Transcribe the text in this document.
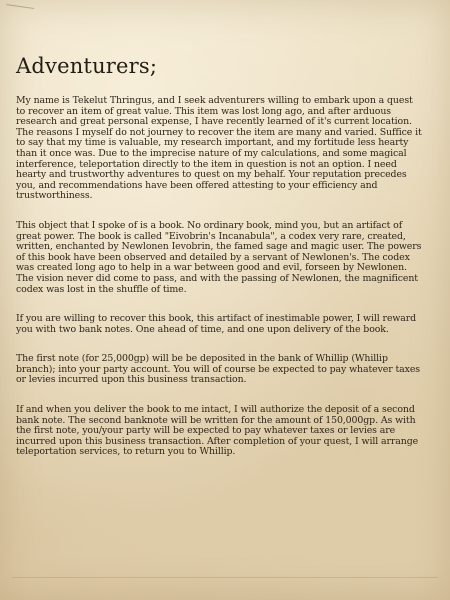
Adventurers;

My name is Tekelut Thringus, and I seek adventurers willing to embark upon a quest to recover an item of great value. This item was lost long ago, and after arduous research and great personal expense, I have recently learned of it's current location. The reasons I myself do not journey to recover the item are many and varied. Suffice it to say that my time is valuable, my research important, and my fortitude less hearty than it once was. Due to the imprecise nature of my calculations, and some magical interference, teleportation directly to the item in question is not an option. I need hearty and trustworthy adventures to quest on my behalf. Your reputation precedes you, and recommendations have been offered attesting to your efficiency and trustworthiness.

This object that I spoke of is a book. No ordinary book, mind you, but an artifact of great power. The book is called "Eivobrin's Incanabula", a codex very rare, created, written, enchanted by Newlonen Ievobrin, the famed sage and magic user. The powers of this book have been observed and detailed by a servant of Newlonen's. The codex was created long ago to help in a war between good and evil, forseen by Newlonen. The vision never did come to pass, and with the passing of Newlonen, the magnificent codex was lost in the shuffle of time.

If you are willing to recover this book, this artifact of inestimable power, I will reward you with two bank notes. One ahead of time, and one upon delivery of the book.

The first note (for 25,000gp) will be be deposited in the bank of Whillip (Whillip branch); into your party account. You will of course be expected to pay whatever taxes or levies incurred upon this business transaction.

If and when you deliver the book to me intact, I will authorize the deposit of a second bank note. The second banknote will be written for the amount of 150,000gp. As with the first note, you/your party will be expected to pay whatever taxes or levies are incurred upon this business transaction. After completion of your quest, I will arrange teleportation services, to return you to Whillip.
